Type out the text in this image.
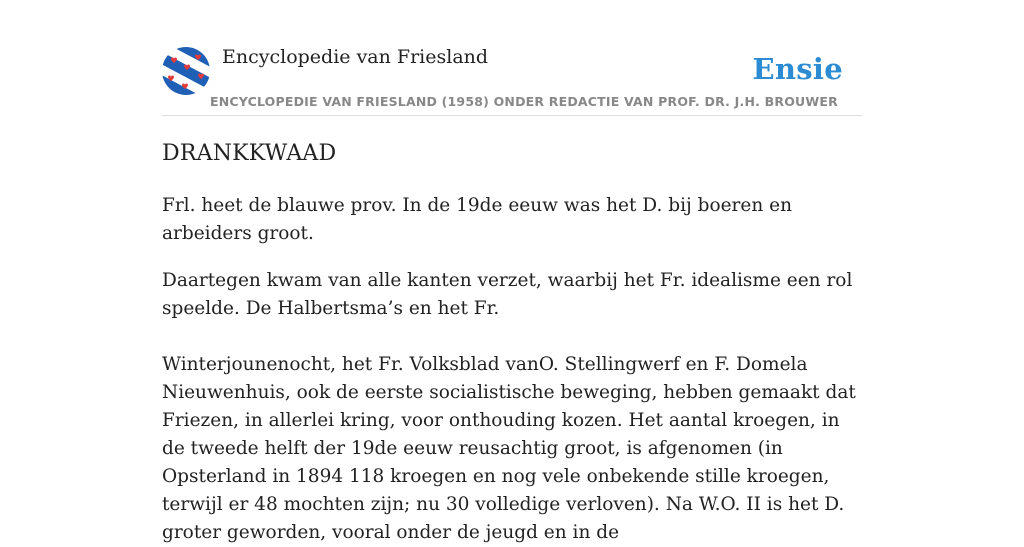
Encyclopedie van Friesland	Ensie
ENCYCLOPEDIE VAN FRIESLAND (1958) ONDER REDACTIE VAN PROF. DR. J.H. BROUWER
DRANKKWAAD

Frl. heet de blauwe prov. In de 19de eeuw was het D. bij boeren en arbeiders groot.

Daartegen kwam van alle kanten verzet, waarbij het Fr. idealisme een rol speelde. De Halbertsma’s en het Fr.

Winterjounenocht, het Fr. Volksblad vanO. Stellingwerf en F. Domela Nieuwenhuis, ook de eerste socialistische beweging, hebben gemaakt dat Friezen, in allerlei kring, voor onthouding kozen. Het aantal kroegen, in de tweede helft der 19de eeuw reusachtig groot, is afgenomen (in Opsterland in 1894 118 kroegen en nog vele onbekende stille kroegen, terwijl er 48 mochten zijn; nu 30 volledige verloven). Na W.O. II is het D. groter geworden, vooral onder de jeugd en in de
